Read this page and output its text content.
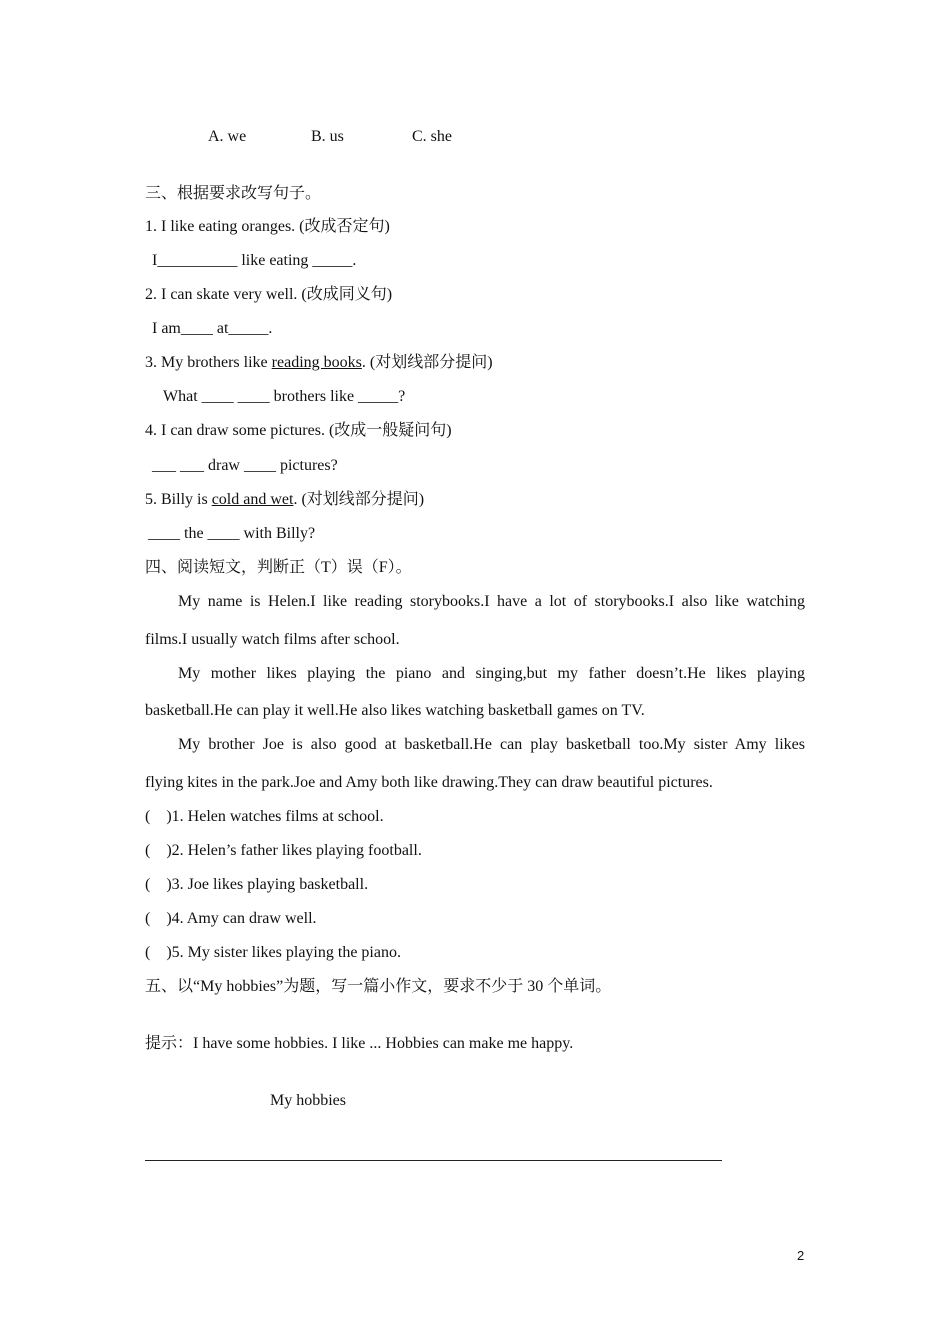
A. we	B. us	C. she
三、根据要求改写句子。
1. I like eating oranges. (改成否定句)
I__________ like eating _____.
2. I can skate very well. (改成同义句)
I am____ at_____.
3. My brothers like reading books. (对划线部分提问)
What ____ ____ brothers like _____?
4. I can draw some pictures. (改成一般疑问句)
___ ___ draw ____ pictures?
5. Billy is cold and wet. (对划线部分提问)
____ the ____ with Billy?
四、阅读短文，判断正（T）误（F）。
My name is Helen.I like reading storybooks.I have a lot of storybooks.I also like watching
films.I usually watch films after school.
My mother likes playing the piano and singing,but my father doesn’t.He likes playing
basketball.He can play it well.He also likes watching basketball games on TV.
My brother Joe is also good at basketball.He can play basketball too.My sister Amy likes
flying kites in the park.Joe and Amy both like drawing.They can draw beautiful pictures.
(    )1. Helen watches films at school.
(    )2. Helen’s father likes playing football.
(    )3. Joe likes playing basketball.
(    )4. Amy can draw well.
(    )5. My sister likes playing the piano.
五、以“My hobbies”为题，写一篇小作文，要求不少于 30 个单词。
提示：I have some hobbies. I like ... Hobbies can make me happy.
My hobbies
2
